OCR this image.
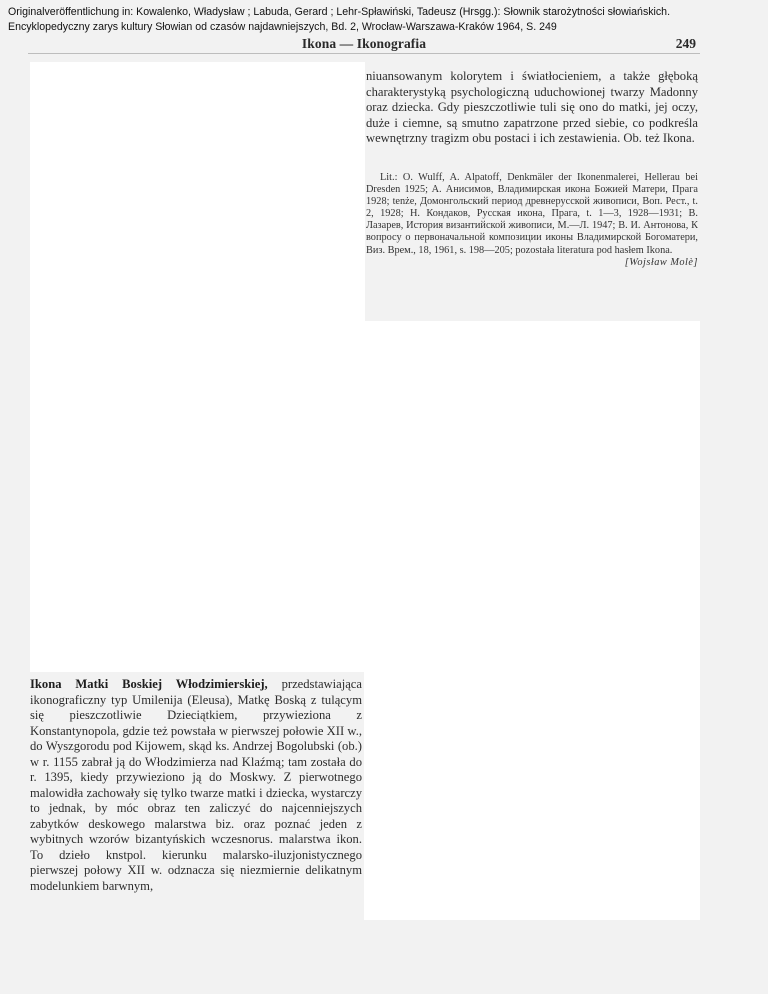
Originalveröffentlichung in: Kowalenko, Władysław ; Labuda, Gerard ; Lehr-Spławiński, Tadeusz (Hrsgg.): Słownik starożytności słowiańskich.
Encyklopedyczny zarys kultury Słowian od czasów najdawniejszych, Bd. 2, Wrocław-Warszawa-Kraków 1964, S. 249
Ikona — Ikonografia	249

niuansowanym kolorytem i światłocieniem, a także głęboką charakterystyką psychologiczną uduchowionej twarzy Madonny oraz dziecka. Gdy pieszczotliwie tuli się ono do matki, jej oczy, duże i ciemne, są smutno zapatrzone przed siebie, co podkreśla wewnętrzny tragizm obu postaci i ich zestawienia. Ob. też Ikona.

Lit.: O. Wulff, A. Alpatoff, Denkmäler der Ikonenmalerei, Hellerau bei Dresden 1925; A. Анисимов, Владимирская икона Божией Матери, Прага 1928; tenże, Домонгольский период древнерусской живописи, Воп. Рест., t. 2, 1928; Н. Кондаков, Русская икона, Прага, t. 1—3, 1928—1931; В. Лазарев, История византийской живописи, М.—Л. 1947; В. И. Антонова, К вопросу о первоначальной композиции иконы Владимирской Богоматери, Виз. Врем., 18, 1961, s. 198—205; pozostała literatura pod hasłem Ikona.
[Wojsław Molè]

Ikona Matki Boskiej Włodzimierskiej, przedstawiająca ikonograficzny typ Umilenija (Eleusa), Matkę Boską z tulącym się pieszczotliwie Dzieciątkiem, przywieziona z Konstantynopola, gdzie też powstała w pierwszej połowie XII w., do Wyszgorodu pod Kijowem, skąd ks. Andrzej Bogolubski (ob.) w r. 1155 zabrał ją do Włodzimierza nad Klaźmą; tam została do r. 1395, kiedy przywieziono ją do Moskwy. Z pierwotnego malowidła zachowały się tylko twarze matki i dziecka, wystarczy to jednak, by móc obraz ten zaliczyć do najcenniejszych zabytków deskowego malarstwa biz. oraz poznać jeden z wybitnych wzorów bizantyńskich wczesnorus. malarstwa ikon. To dzieło knstpol. kierunku malarsko-iluzjonistycznego pierwszej połowy XII w. odznacza się niezmiernie delikatnym modelunkiem barwnym,
